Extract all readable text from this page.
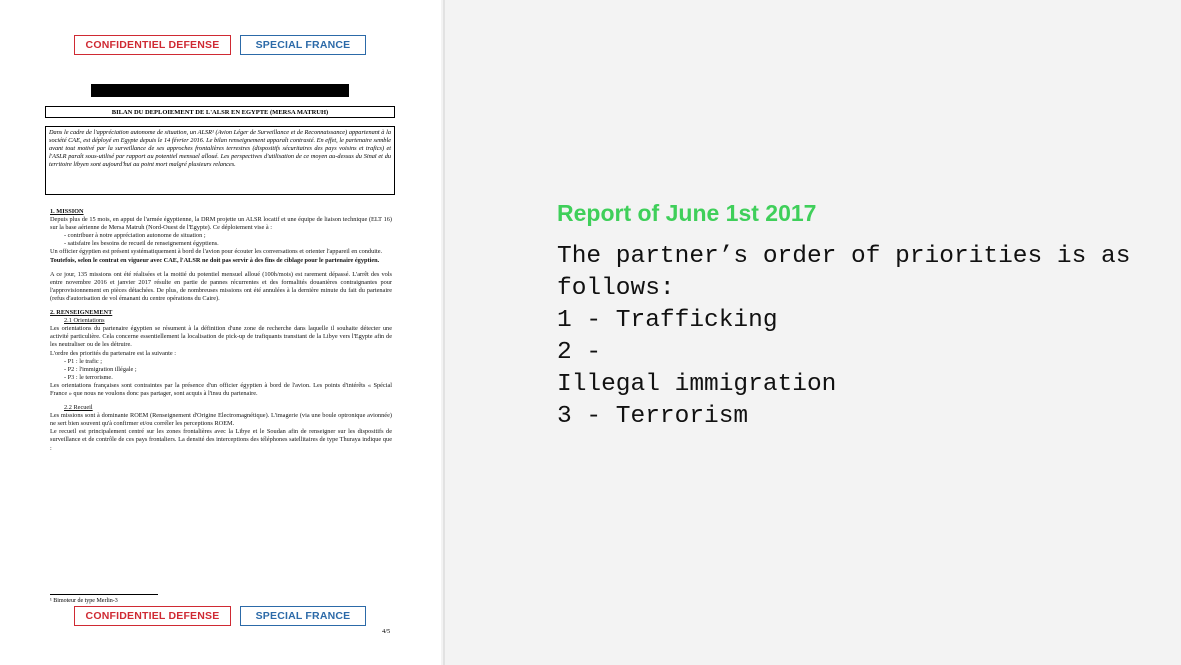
CONFIDENTIEL DEFENSE	SPECIAL FRANCE
BILAN DU DEPLOIEMENT DE L'ALSR EN EGYPTE (MERSA MATRUH)
Dans le cadre de l'appréciation autonome de situation, un ALSR¹ (Avion Léger de Surveillance et de Reconnaissance) appartenant à la société CAE, est déployé en Egypte depuis le 14 février 2016. Le bilan renseignement apparaît contrasté. En effet, le partenaire semble avant tout motivé par la surveillance de ses approches frontalières terrestres (dispositifs sécuritaires des pays voisins et trafics) et l'ASLR paraît sous-utilisé par rapport au potentiel mensuel alloué. Les perspectives d'utilisation de ce moyen au-dessus du Sinaï et du territoire libyen sont aujourd'hui au point mort malgré plusieurs relances.

1. MISSION

Depuis plus de 15 mois, en appui de l'armée égyptienne, la DRM projette un ALSR locatif et une équipe de liaison technique (ELT 16) sur la base aérienne de Mersa Matruh (Nord-Ouest de l'Egypte). Ce déploiement vise à :

- contribuer à notre appréciation autonome de situation ;

- satisfaire les besoins de recueil de renseignement égyptiens.

Un officier égyptien est présent systématiquement à bord de l'avion pour écouter les conversations et orienter l'appareil en conduite.

Toutefois, selon le contrat en vigueur avec CAE, l'ALSR ne doit pas servir à des fins de ciblage pour le partenaire égyptien.

A ce jour, 135 missions ont été réalisées et la moitié du potentiel mensuel alloué (100h/mois) est rarement dépassé. L'arrêt des vols entre novembre 2016 et janvier 2017 résulte en partie de pannes récurrentes et des formalités douanières contraignantes pour l'approvisionnement en pièces détachées. De plus, de nombreuses missions ont été annulées à la dernière minute du fait du partenaire (refus d'autorisation de vol émanant du centre opérations du Caire).

2. RENSEIGNEMENT

2.1 Orientations

Les orientations du partenaire égyptien se résument à la définition d'une zone de recherche dans laquelle il souhaite détecter une activité particulière. Cela concerne essentiellement la localisation de pick-up de trafiquants transitant de la Libye vers l'Egypte afin de les neutraliser ou de les détruire.

L'ordre des priorités du partenaire est la suivante :

- P1 : le trafic ;

- P2 : l'immigration illégale ;

- P3 : le terrorisme.

Les orientations françaises sont contraintes par la présence d'un officier égyptien à bord de l'avion. Les points d'intérêts « Spécial France » que nous ne voulons donc pas partager, sont acquis à l'insu du partenaire.

2.2 Recueil

Les missions sont à dominante ROEM (Renseignement d'Origine Electromagnétique). L'imagerie (via une boule optronique avionnée) ne sert bien souvent qu'à confirmer et/ou corréler les perceptions ROEM.

Le recueil est principalement centré sur les zones frontalières avec la Libye et le Soudan afin de renseigner sur les dispositifs de surveillance et de contrôle de ces pays frontaliers. La densité des interceptions des téléphones satellitaires de type Thuraya indique que :

¹ Bimoteur de type Merlin-3
CONFIDENTIEL DEFENSE	SPECIAL FRANCE
4/5
Report of June 1st 2017
The partner’s order of priorities is as
follows:
1 - Trafficking
2 -
Illegal immigration
3 - Terrorism
